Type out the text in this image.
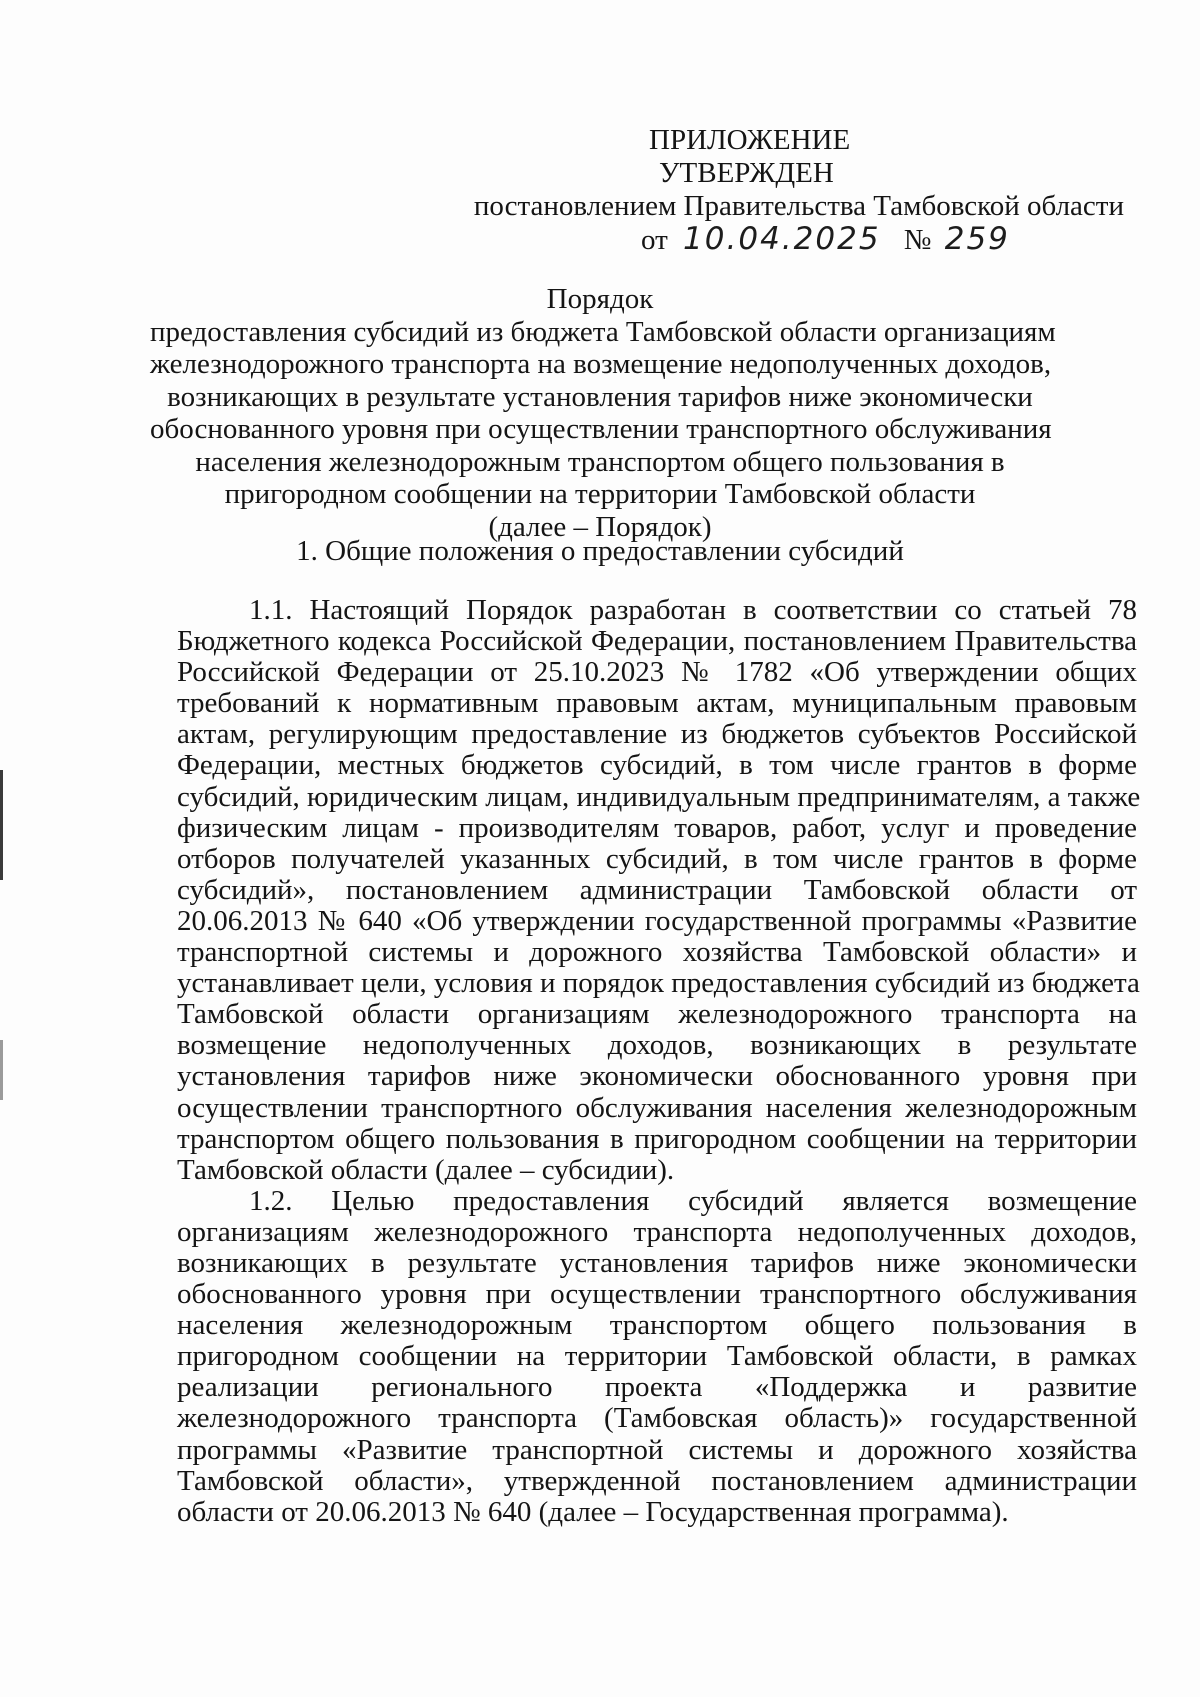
ПРИЛОЖЕНИЕ
УТВЕРЖДЕН
постановлением Правительства Тамбовской области
от 10.04.2025 № 259
Порядок
предоставления субсидий из бюджета Тамбовской области организациям
железнодорожного транспорта на возмещение недополученных доходов,
возникающих в результате установления тарифов ниже экономически
обоснованного уровня при осуществлении транспортного обслуживания
населения железнодорожным транспортом общего пользования в
пригородном сообщении на территории Тамбовской области
(далее – Порядок)
1. Общие положения о предоставлении субсидий
1.1. Настоящий Порядок разработан в соответствии со статьей 78
Бюджетного кодекса Российской Федерации, постановлением Правительства
Российской Федерации от 25.10.2023 № 1782 «Об утверждении общих
требований к нормативным правовым актам, муниципальным правовым
актам, регулирующим предоставление из бюджетов субъектов Российской
Федерации, местных бюджетов субсидий, в том числе грантов в форме
субсидий, юридическим лицам, индивидуальным предпринимателям, а также
физическим лицам - производителям товаров, работ, услуг и проведение
отборов получателей указанных субсидий, в том числе грантов в форме
субсидий», постановлением администрации Тамбовской области от
20.06.2013 № 640 «Об утверждении государственной программы «Развитие
транспортной системы и дорожного хозяйства Тамбовской области» и
устанавливает цели, условия и порядок предоставления субсидий из бюджета
Тамбовской области организациям железнодорожного транспорта на
возмещение недополученных доходов, возникающих в результате
установления тарифов ниже экономически обоснованного уровня при
осуществлении транспортного обслуживания населения железнодорожным
транспортом общего пользования в пригородном сообщении на территории
Тамбовской области (далее – субсидии).
1.2. Целью предоставления субсидий является возмещение
организациям железнодорожного транспорта недополученных доходов,
возникающих в результате установления тарифов ниже экономически
обоснованного уровня при осуществлении транспортного обслуживания
населения железнодорожным транспортом общего пользования в
пригородном сообщении на территории Тамбовской области, в рамках
реализации регионального проекта «Поддержка и развитие
железнодорожного транспорта (Тамбовская область)» государственной
программы «Развитие транспортной системы и дорожного хозяйства
Тамбовской области», утвержденной постановлением администрации
области от 20.06.2013 № 640 (далее – Государственная программа).
